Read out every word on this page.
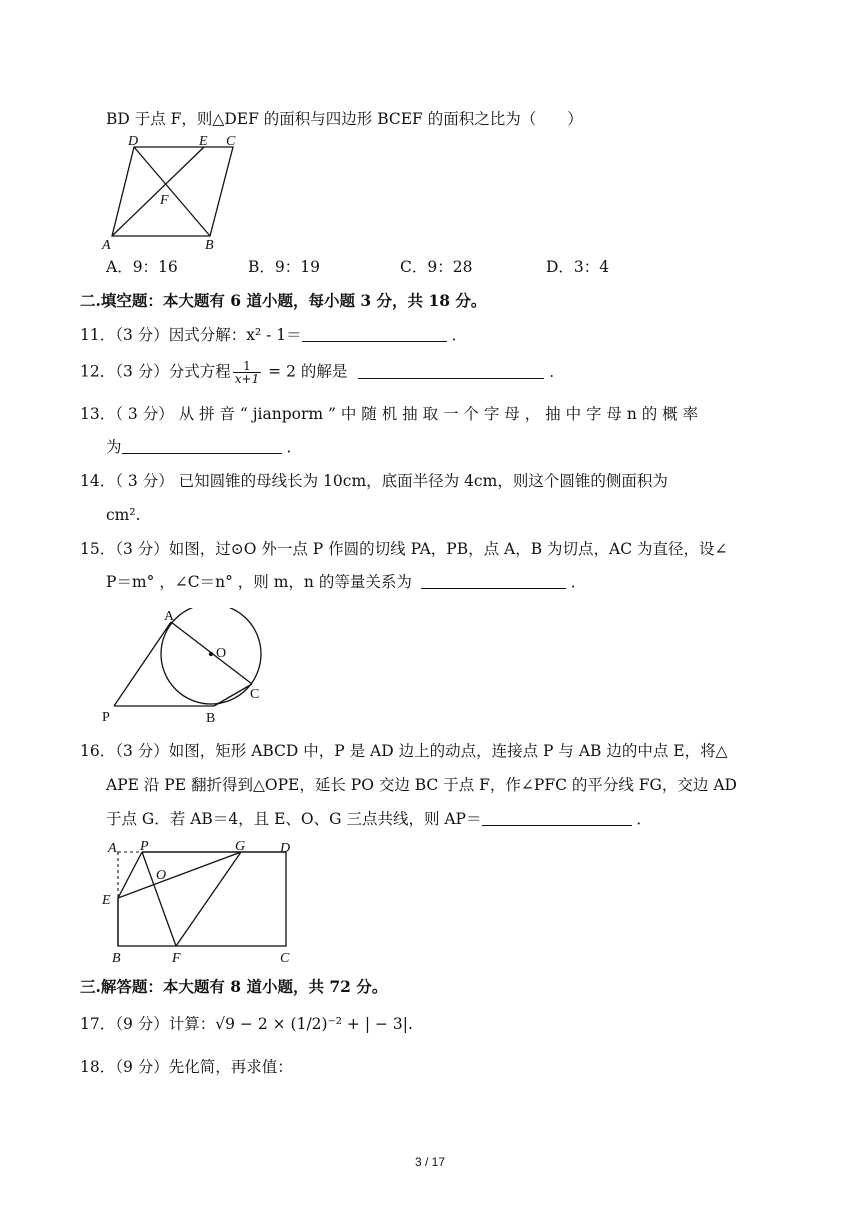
BD 于点 F，则△DEF 的面积与四边形 BCEF 的面积之比为（　　）
D	E C
F
A	B
A．9：16	B．9：19	C．9：28	D．3：4
二.填空题：本大题有 6 道小题，每小题 3 分，共 18 分。
11．（3 分）因式分解：x² - 1＝	．
12．（3 分）分式方程 $\frac{1}{x+1} = 2$ 的解是	．
13．（ 3 分） 从 拼 音 “ jianporm ” 中 随 机 抽 取 一 个 字 母 ， 抽 中 字 母 n 的 概 率
为	．
14．（ 3 分） 已知圆锥的母线长为 10cm，底面半径为 4cm，则这个圆锥的侧面积为
cm².
15．（3 分）如图，过⊙O 外一点 P 作圆的切线 PA，PB，点 A，B 为切点，AC 为直径，设∠
P＝m° ，∠C＝n° ，则 m，n 的等量关系为	．
A
O
C
P	B
16．（3 分）如图，矩形 ABCD 中，P 是 AD 边上的动点，连接点 P 与 AB 边的中点 E，将△
APE 沿 PE 翻折得到△OPE，延长 PO 交边 BC 于点 F，作∠PFC 的平分线 FG，交边 AD
于点 G．若 AB＝4，且 E、O、G 三点共线，则 AP＝	．
A P	G D
O
E
B	F	C
三.解答题：本大题有 8 道小题，共 72 分。
17．（9 分）计算：√9 − 2 × (1/2)⁻² + | − 3|.
18．（9 分）先化简，再求值：
3 / 17
